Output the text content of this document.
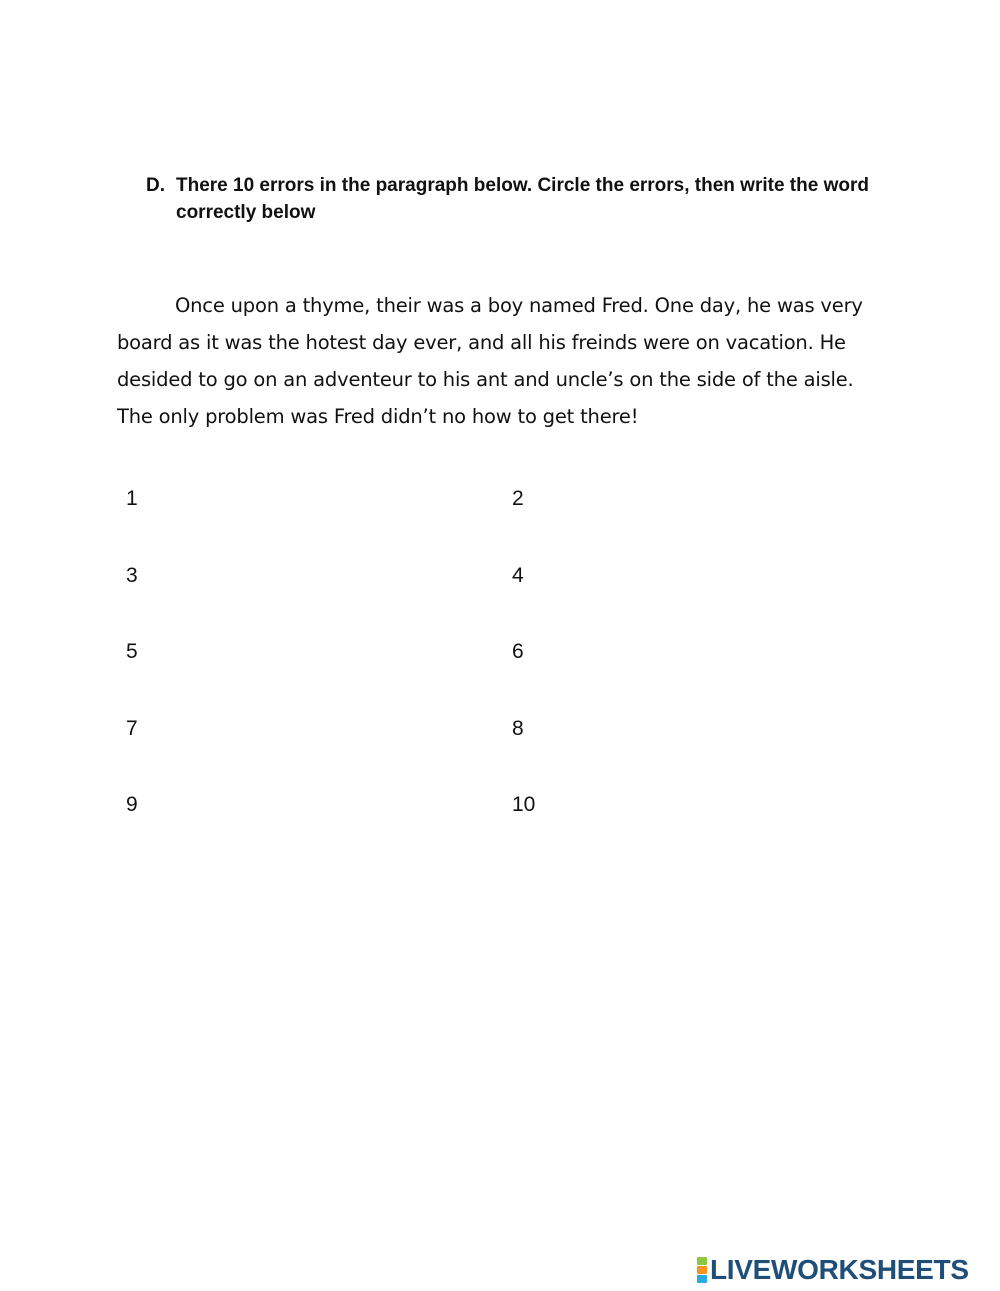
D. There 10 errors in the paragraph below. Circle the errors, then write the word correctly below
Once upon a thyme, their was a boy named Fred. One day, he was very board as it was the hotest day ever, and all his freinds were on vacation. He desided to go on an adventeur to his ant and uncle’s on the side of the aisle. The only problem was Fred didn’t no how to get there!
1	2
3	4
5	6
7	8
9	10
LIVEWORKSHEETS
